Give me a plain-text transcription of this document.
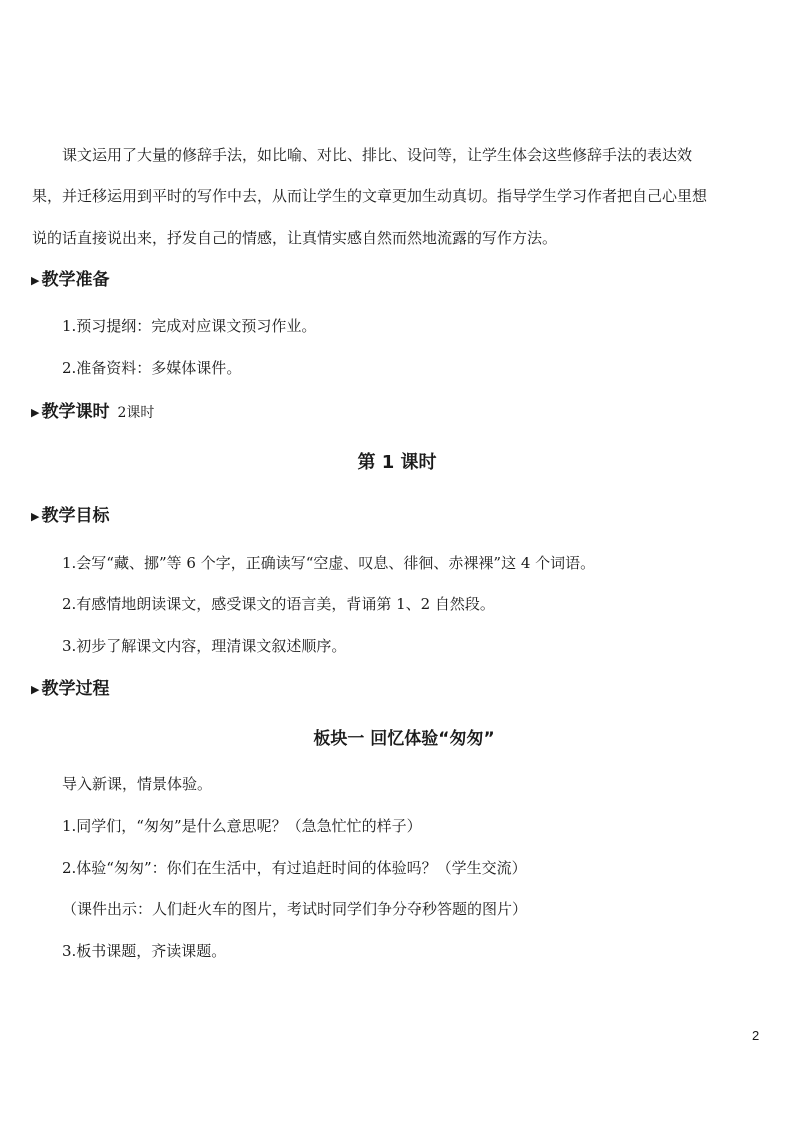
课文运用了大量的修辞手法，如比喻、对比、排比、设问等，让学生体会这些修辞手法的表达效
果，并迁移运用到平时的写作中去，从而让学生的文章更加生动真切。指导学生学习作者把自己心里想
说的话直接说出来，抒发自己的情感，让真情实感自然而然地流露的写作方法。
▶ 教学准备
1.预习提纲：完成对应课文预习作业。
2.准备资料：多媒体课件。
▶ 教学课时 2课时
第 1 课时
▶ 教学目标
1.会写“藏、挪”等 6 个字，正确读写“空虚、叹息、徘徊、赤裸裸”这 4 个词语。
2.有感情地朗读课文，感受课文的语言美，背诵第 1、2 自然段。
3.初步了解课文内容，理清课文叙述顺序。
▶ 教学过程
板块一 回忆体验“匆匆”
导入新课，情景体验。
1.同学们，“匆匆”是什么意思呢？（急急忙忙的样子）
2.体验“匆匆”：你们在生活中，有过追赶时间的体验吗？（学生交流）
（课件出示：人们赶火车的图片，考试时同学们争分夺秒答题的图片）
3.板书课题，齐读课题。
2
